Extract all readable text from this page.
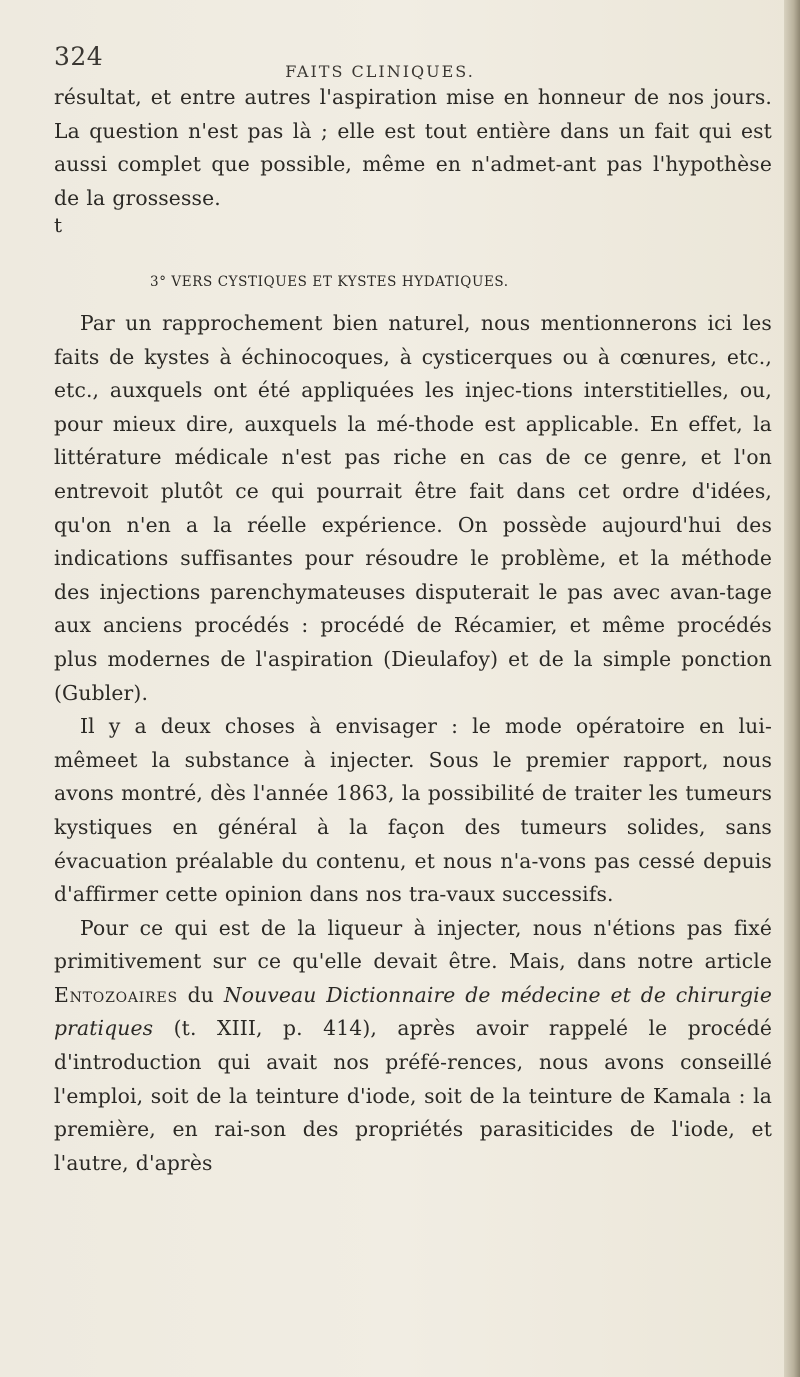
324
FAITS CLINIQUES.

résultat, et entre autres l'aspiration mise en honneur de nos jours. La question n'est pas là ; elle est tout entière dans un fait qui est aussi complet que possible, même en n'admet-ant pas l'hypothèse de la grossesse.

t
3° VERS CYSTIQUES ET KYSTES HYDATIQUES.

Par un rapprochement bien naturel, nous mentionnerons ici les faits de kystes à échinocoques, à cysticerques ou à cœnures, etc., etc., auxquels ont été appliquées les injec-tions interstitielles, ou, pour mieux dire, auxquels la mé-thode est applicable. En effet, la littérature médicale n'est pas riche en cas de ce genre, et l'on entrevoit plutôt ce qui pourrait être fait dans cet ordre d'idées, qu'on n'en a la réelle expérience. On possède aujourd'hui des indications suffisantes pour résoudre le problème, et la méthode des injections parenchymateuses disputerait le pas avec avan-tage aux anciens procédés : procédé de Récamier, et même procédés plus modernes de l'aspiration (Dieulafoy) et de la simple ponction (Gubler).

Il y a deux choses à envisager : le mode opératoire en lui-mêmeet la substance à injecter. Sous le premier rapport, nous avons montré, dès l'année 1863, la possibilité de traiter les tumeurs kystiques en général à la façon des tumeurs solides, sans évacuation préalable du contenu, et nous n'a-vons pas cessé depuis d'affirmer cette opinion dans nos tra-vaux successifs.

Pour ce qui est de la liqueur à injecter, nous n'étions pas fixé primitivement sur ce qu'elle devait être. Mais, dans notre article Entozoaires du Nouveau Dictionnaire de médecine et de chirurgie pratiques (t. XIII, p. 414), après avoir rappelé le procédé d'introduction qui avait nos préfé-rences, nous avons conseillé l'emploi, soit de la teinture d'iode, soit de la teinture de Kamala : la première, en rai-son des propriétés parasiticides de l'iode, et l'autre, d'après
